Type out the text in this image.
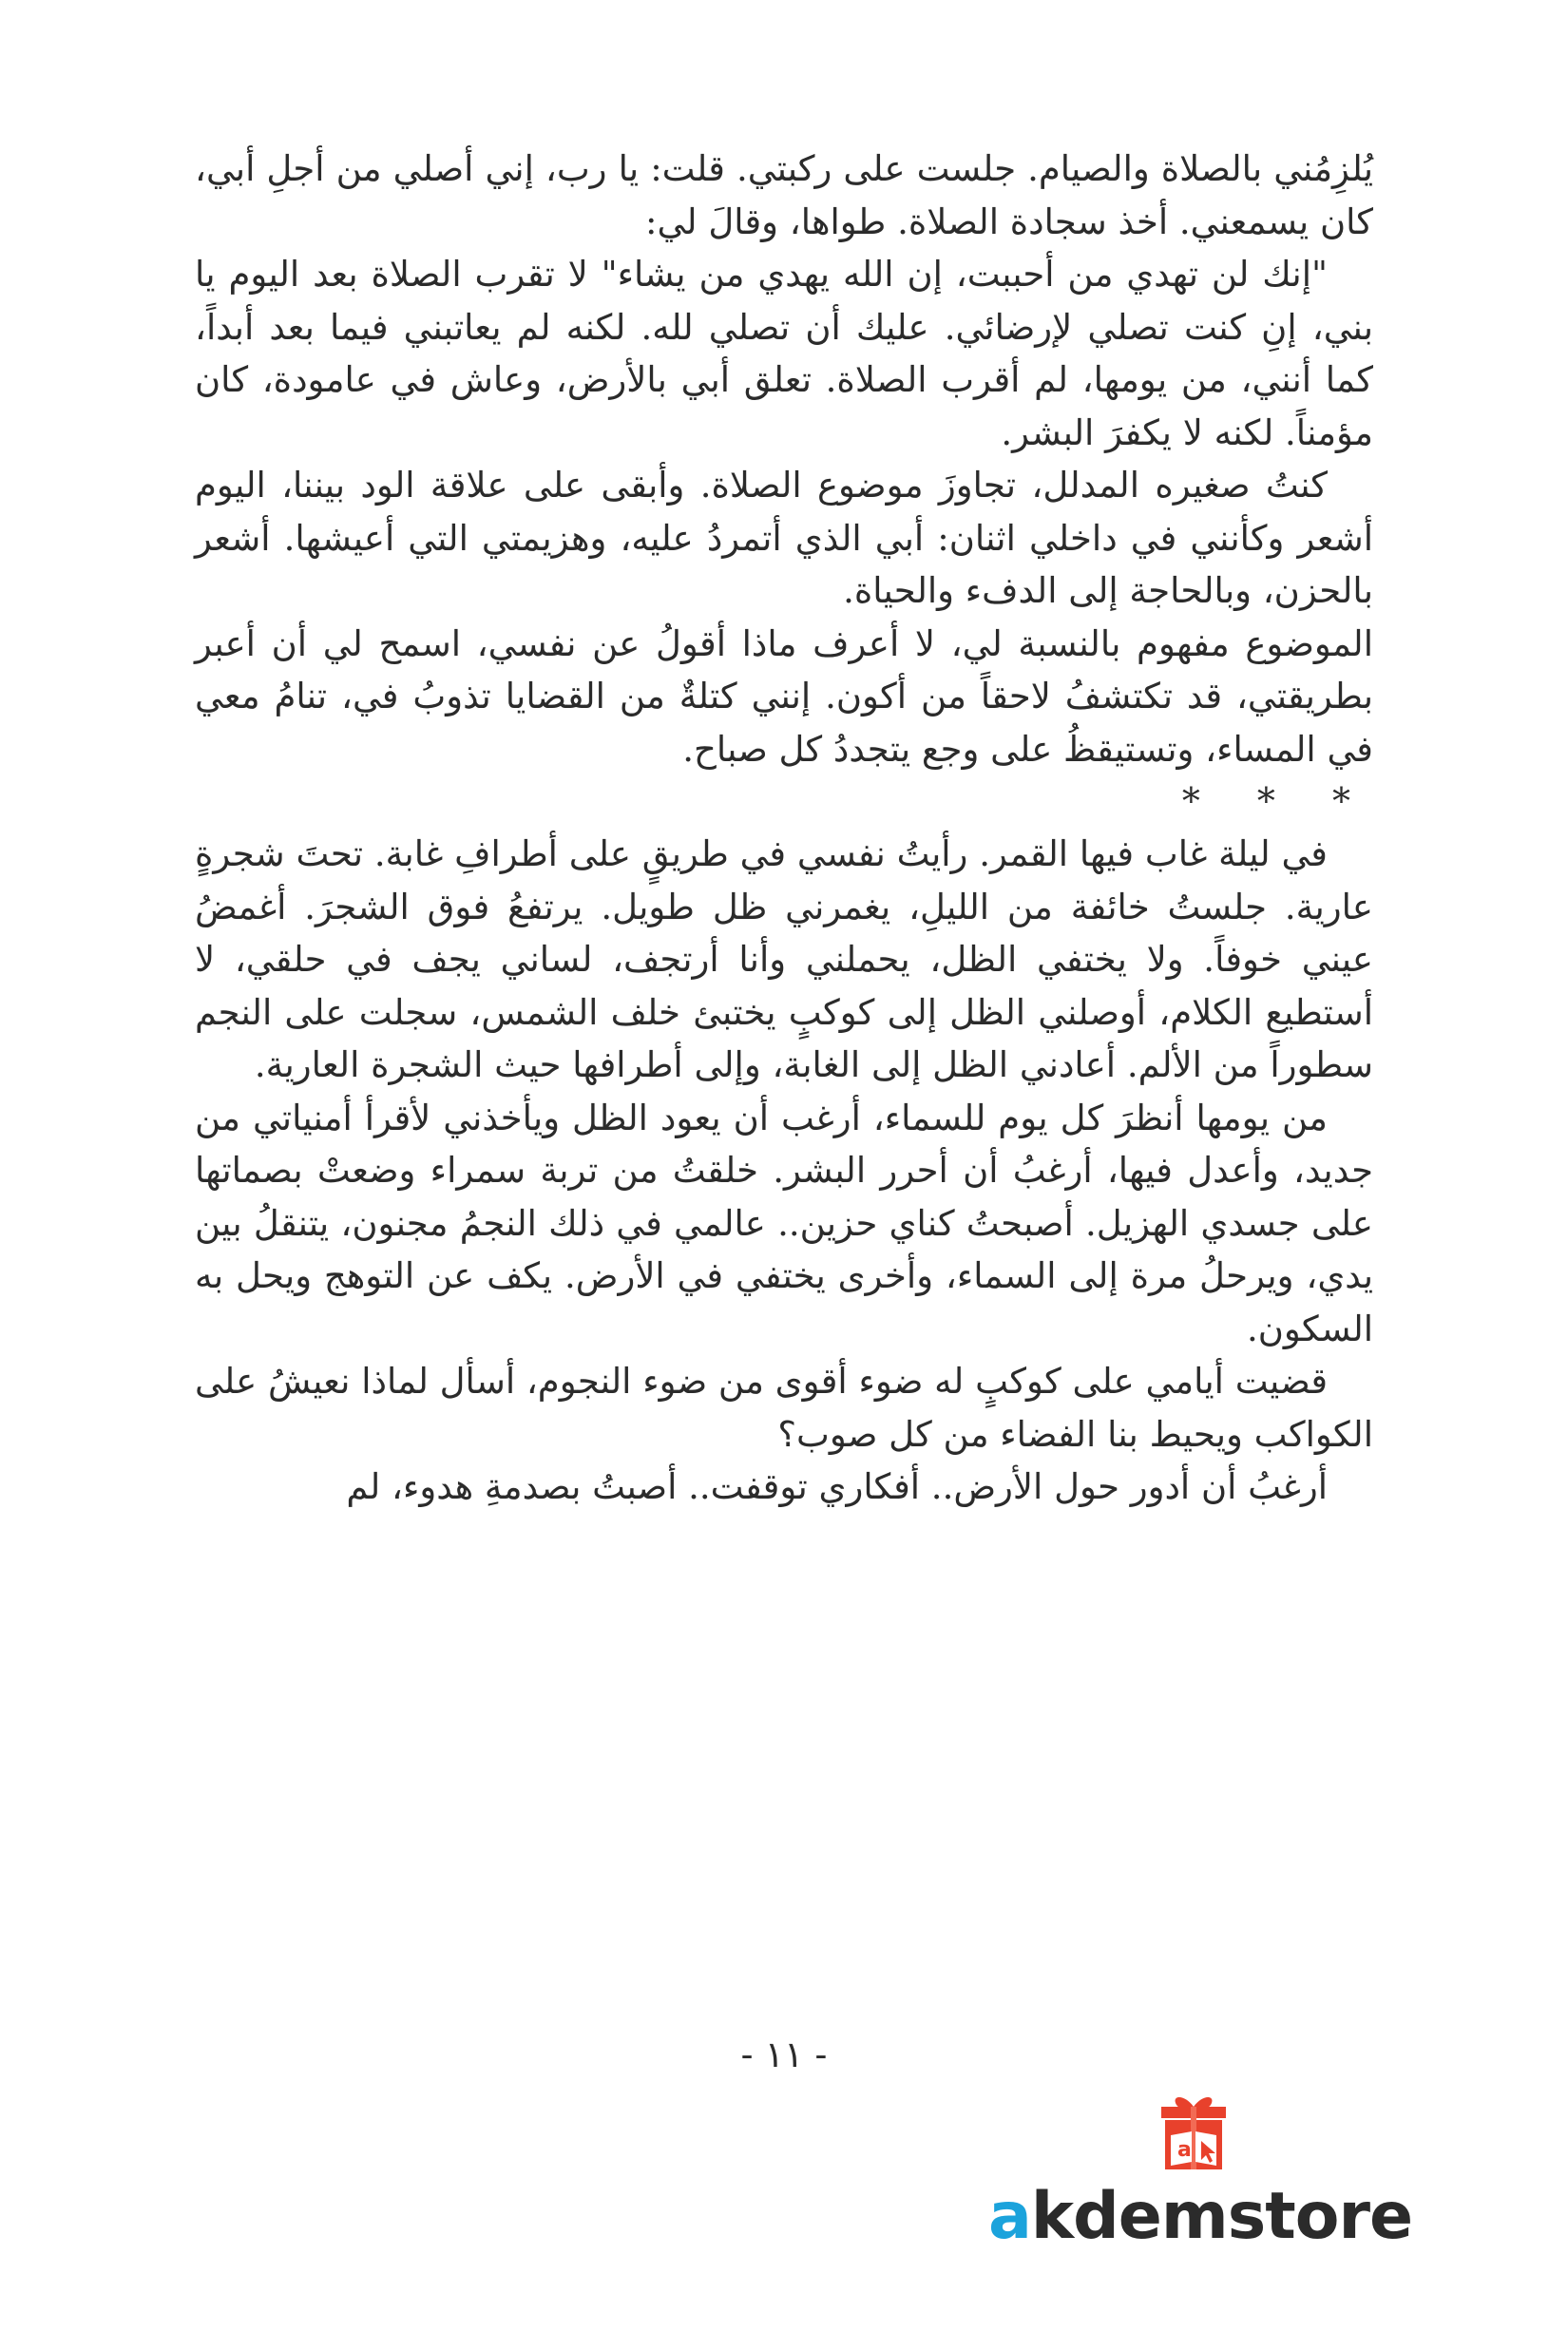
يُلزِمُني بالصلاة والصيام. جلست على ركبتي. قلت: يا رب، إني أصلي من أجلِ أبي، كان يسمعني. أخذ سجادة الصلاة. طواها، وقالَ لي:

"إنك لن تهدي من أحببت، إن الله يهدي من يشاء" لا تقرب الصلاة بعد اليوم يا بني، إنِ كنت تصلي لإرضائي. عليك أن تصلي لله. لكنه لم يعاتبني فيما بعد أبداً، كما أنني، من يومها، لم أقرب الصلاة. تعلق أبي بالأرض، وعاش في عامودة، كان مؤمناً. لكنه لا يكفرَ البشر.

كنتُ صغيره المدلل، تجاوزَ موضوع الصلاة. وأبقى على علاقة الود بيننا، اليوم أشعر وكأنني في داخلي اثنان: أبي الذي أتمردُ عليه، وهزيمتي التي أعيشها. أشعر بالحزن، وبالحاجة إلى الدفء والحياة.

الموضوع مفهوم بالنسبة لي، لا أعرف ماذا أقولُ عن نفسي، اسمح لي أن أعبر بطريقتي، قد تكتشفُ لاحقاً من أكون. إنني كتلةٌ من القضايا تذوبُ في، تنامُ معي في المساء، وتستيقظُ على وجع يتجددُ كل صباح.

* * *

في ليلة غاب فيها القمر. رأيتُ نفسي في طريقٍ على أطرافِ غابة. تحتَ شجرةٍ عارية. جلستُ خائفة من الليلِ، يغمرني ظل طويل. يرتفعُ فوق الشجرَ. أغمضُ عيني خوفاً. ولا يختفي الظل، يحملني وأنا أرتجف، لساني يجف في حلقي، لا أستطيع الكلام، أوصلني الظل إلى كوكبٍ يختبئ خلف الشمس، سجلت على النجم سطوراً من الألم. أعادني الظل إلى الغابة، وإلى أطرافها حيث الشجرة العارية.

من يومها أنظرَ كل يوم للسماء، أرغب أن يعود الظل ويأخذني لأقرأ أمنياتي من جديد، وأعدل فيها، أرغبُ أن أحرر البشر. خلقتُ من تربة سمراء وضعتْ بصماتها على جسدي الهزيل. أصبحتُ كناي حزين.. عالمي في ذلك النجمُ مجنون، يتنقلُ بين يدي، ويرحلُ مرة إلى السماء، وأخرى يختفي في الأرض. يكف عن التوهج ويحل به السكون.

قضيت أيامي على كوكبٍ له ضوء أقوى من ضوء النجوم، أسأل لماذا نعيشُ على الكواكب ويحيط بنا الفضاء من كل صوب؟

أرغبُ أن أدور حول الأرض.. أفكاري توقفت.. أصبتُ بصدمةِ هدوء، لم

- ١١ -
a
akdemstore
